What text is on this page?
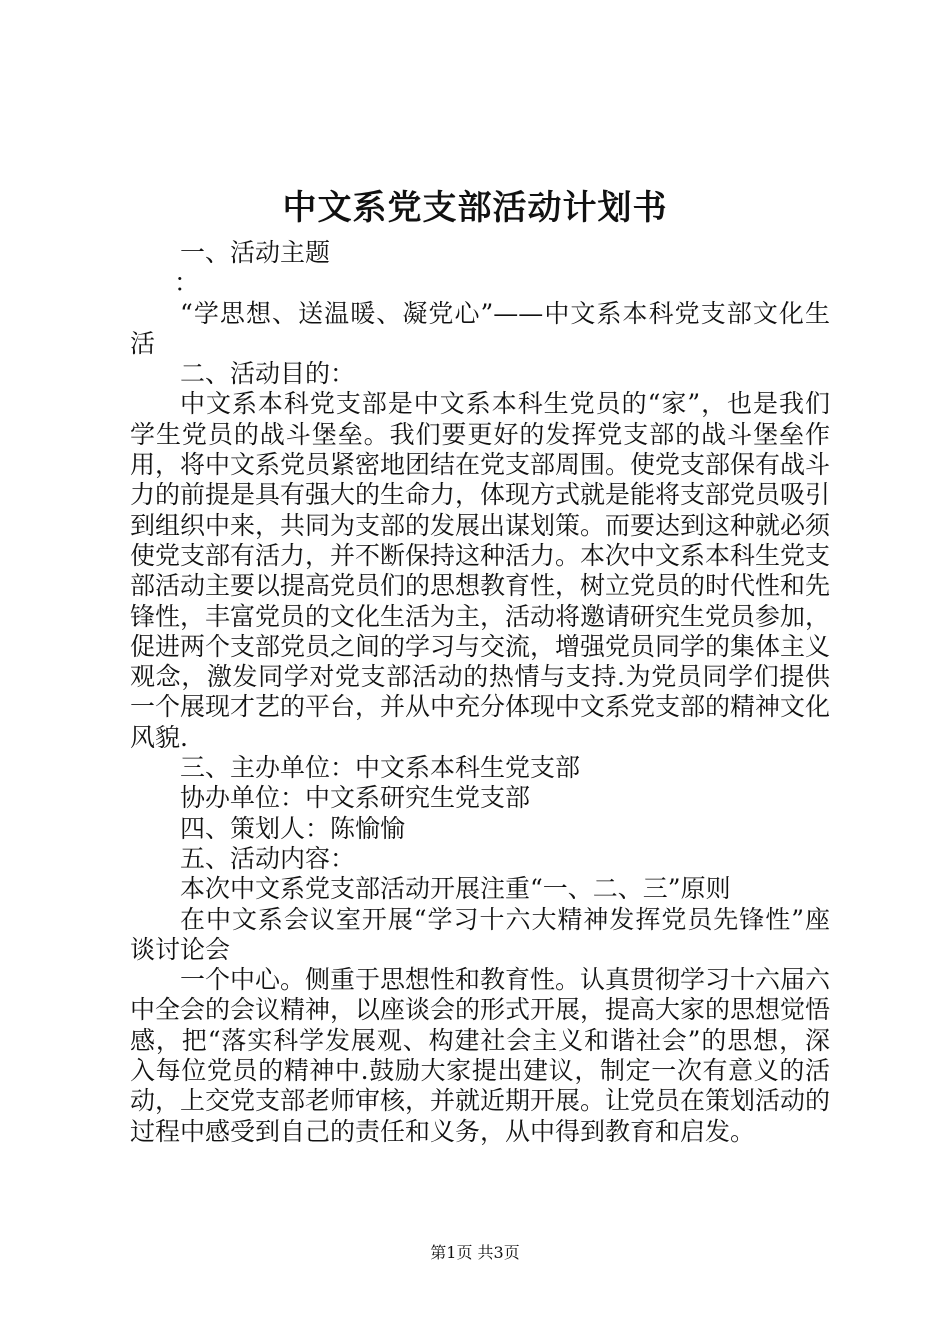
中文系党支部活动计划书

一、活动主题

：

“学思想、送温暖、凝党心”——中文系本科党支部文化生活

二、活动目的：

中文系本科党支部是中文系本科生党员的“家”，也是我们学生党员的战斗堡垒。我们要更好的发挥党支部的战斗堡垒作用，将中文系党员紧密地团结在党支部周围。使党支部保有战斗力的前提是具有强大的生命力，体现方式就是能将支部党员吸引到组织中来，共同为支部的发展出谋划策。而要达到这种就必须使党支部有活力，并不断保持这种活力。本次中文系本科生党支部活动主要以提高党员们的思想教育性，树立党员的时代性和先锋性，丰富党员的文化生活为主，活动将邀请研究生党员参加，促进两个支部党员之间的学习与交流，增强党员同学的集体主义观念，激发同学对党支部活动的热情与支持.为党员同学们提供一个展现才艺的平台，并从中充分体现中文系党支部的精神文化风貌.

三、主办单位：中文系本科生党支部

协办单位：中文系研究生党支部

四、策划人：陈愉愉

五、活动内容：

本次中文系党支部活动开展注重“一、二、三”原则

在中文系会议室开展“学习十六大精神发挥党员先锋性”座谈讨论会

一个中心。侧重于思想性和教育性。认真贯彻学习十六届六中全会的会议精神，以座谈会的形式开展，提高大家的思想觉悟感，把“落实科学发展观、构建社会主义和谐社会”的思想，深入每位党员的精神中.鼓励大家提出建议，制定一次有意义的活动，上交党支部老师审核，并就近期开展。让党员在策划活动的过程中感受到自己的责任和义务，从中得到教育和启发。

第1页 共3页
